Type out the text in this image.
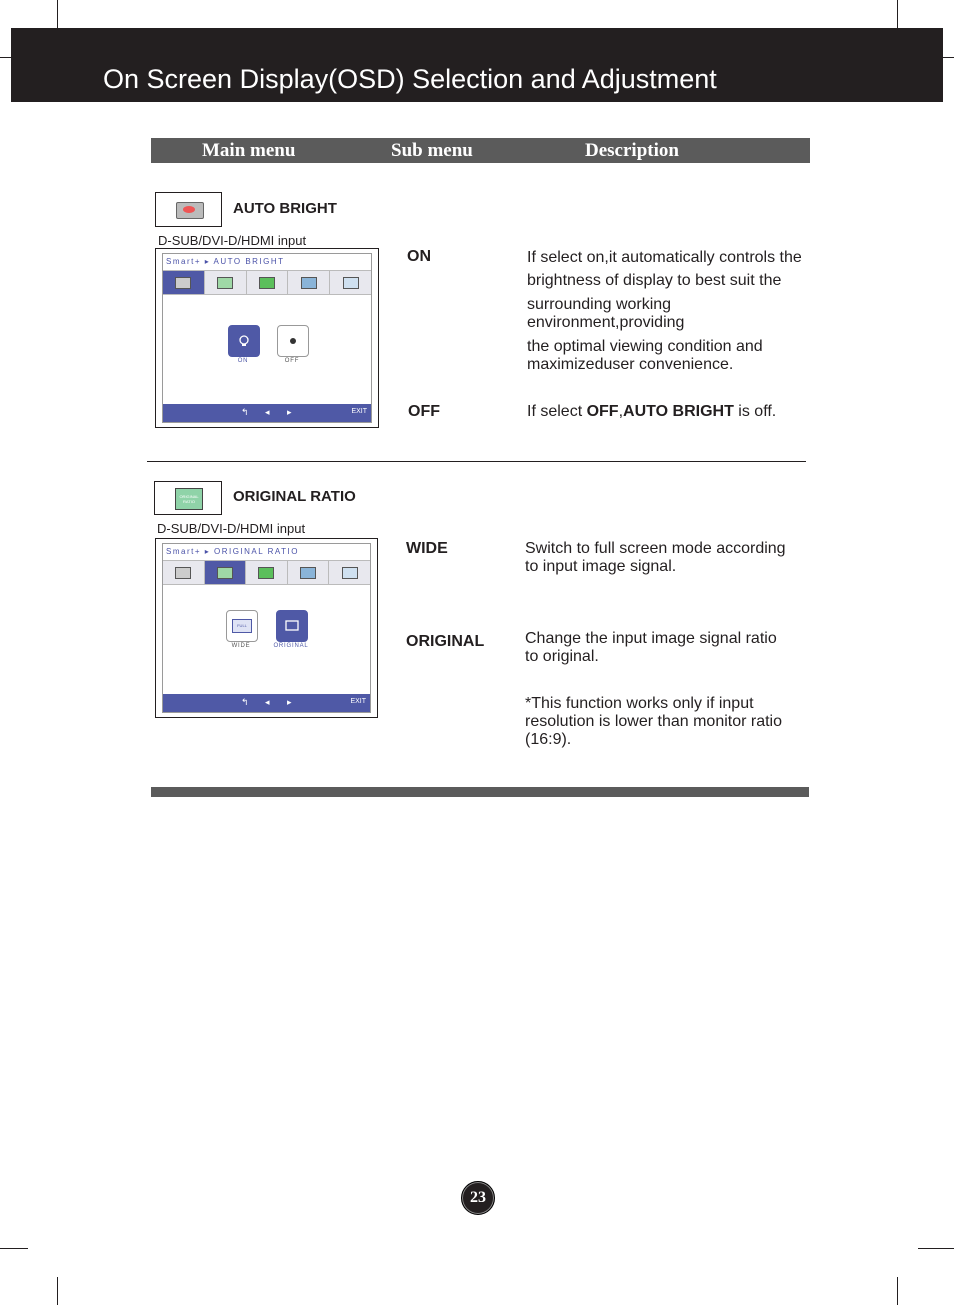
On Screen Display(OSD) Selection and Adjustment
Main menu	Sub menu	Description
AUTO BRIGHT
D-SUB/DVI-D/HDMI input
Smart+ ▸ AUTO BRIGHT
ON	OFF
↰ ◂ ▸	EXIT
ON	If select on,it automatically controls the
brightness of display to best suit the
surrounding working
environment,providing
the optimal viewing condition and
maximizeduser convenience.
OFF	If select OFF,AUTO BRIGHT is off.
ORIGINAL RATIO	ORIGINAL RATIO
D-SUB/DVI-D/HDMI input
Smart+ ▸ ORIGINAL RATIO
FULL
WIDE	ORIGINAL
↰ ◂ ▸	EXIT
WIDE	Switch to full screen mode according
to input image signal.
ORIGINAL	Change the input image signal ratio
to original.
*This function works only if input
resolution is lower than monitor ratio
(16:9).
23
